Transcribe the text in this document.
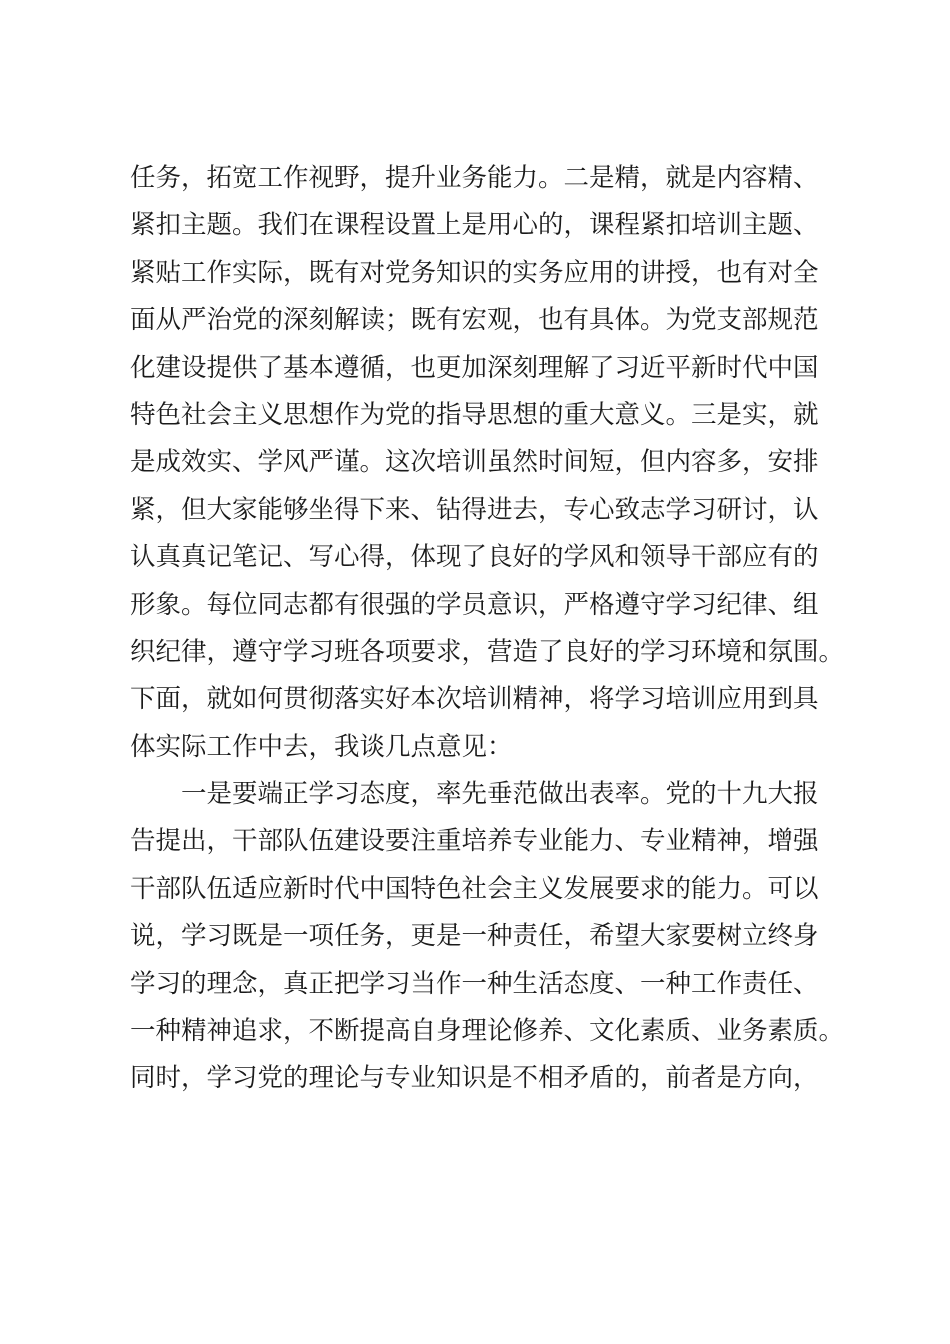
任务，拓宽工作视野，提升业务能力。二是精，就是内容精、
紧扣主题。我们在课程设置上是用心的，课程紧扣培训主题、
紧贴工作实际，既有对党务知识的实务应用的讲授，也有对全
面从严治党的深刻解读；既有宏观，也有具体。为党支部规范
化建设提供了基本遵循，也更加深刻理解了习近平新时代中国
特色社会主义思想作为党的指导思想的重大意义。三是实，就
是成效实、学风严谨。这次培训虽然时间短，但内容多，安排
紧，但大家能够坐得下来、钻得进去，专心致志学习研讨，认
认真真记笔记、写心得，体现了良好的学风和领导干部应有的
形象。每位同志都有很强的学员意识，严格遵守学习纪律、组
织纪律，遵守学习班各项要求，营造了良好的学习环境和氛围。
下面，就如何贯彻落实好本次培训精神，将学习培训应用到具
体实际工作中去，我谈几点意见：
一是要端正学习态度，率先垂范做出表率。党的十九大报
告提出，干部队伍建设要注重培养专业能力、专业精神，增强
干部队伍适应新时代中国特色社会主义发展要求的能力。可以
说，学习既是一项任务，更是一种责任，希望大家要树立终身
学习的理念，真正把学习当作一种生活态度、一种工作责任、
一种精神追求，不断提高自身理论修养、文化素质、业务素质。
同时，学习党的理论与专业知识是不相矛盾的，前者是方向，
